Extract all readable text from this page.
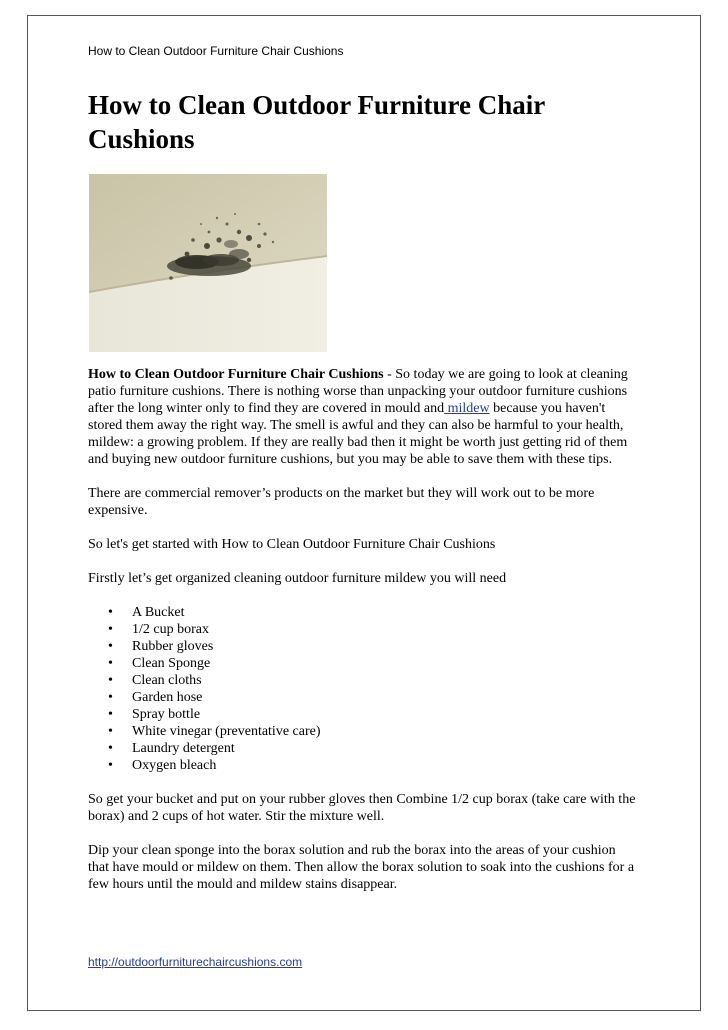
How to Clean Outdoor Furniture Chair Cushions
How to Clean Outdoor Furniture Chair Cushions

How to Clean Outdoor Furniture Chair Cushions - So today we are going to look at cleaning patio furniture cushions. There is nothing worse than unpacking your outdoor furniture cushions after the long winter only to find they are covered in mould and mildew because you haven't stored them away the right way. The smell is awful and they can also be harmful to your health, mildew: a growing problem. If they are really bad then it might be worth just getting rid of them and buying new outdoor furniture cushions, but you may be able to save them with these tips.

There are commercial remover’s products on the market but they will work out to be more expensive.

So let's get started with How to Clean Outdoor Furniture Chair Cushions

Firstly let’s get organized cleaning outdoor furniture mildew you will need

• A Bucket
• 1/2 cup borax
• Rubber gloves
• Clean Sponge
• Clean cloths
• Garden hose
• Spray bottle
• White vinegar (preventative care)
• Laundry detergent
• Oxygen bleach

So get your bucket and put on your rubber gloves then Combine 1/2 cup borax (take care with the borax) and 2 cups of hot water. Stir the mixture well.

Dip your clean sponge into the borax solution and rub the borax into the areas of your cushion that have mould or mildew on them. Then allow the borax solution to soak into the cushions for a few hours until the mould and mildew stains disappear.

http://outdoorfurniturechaircushions.com
